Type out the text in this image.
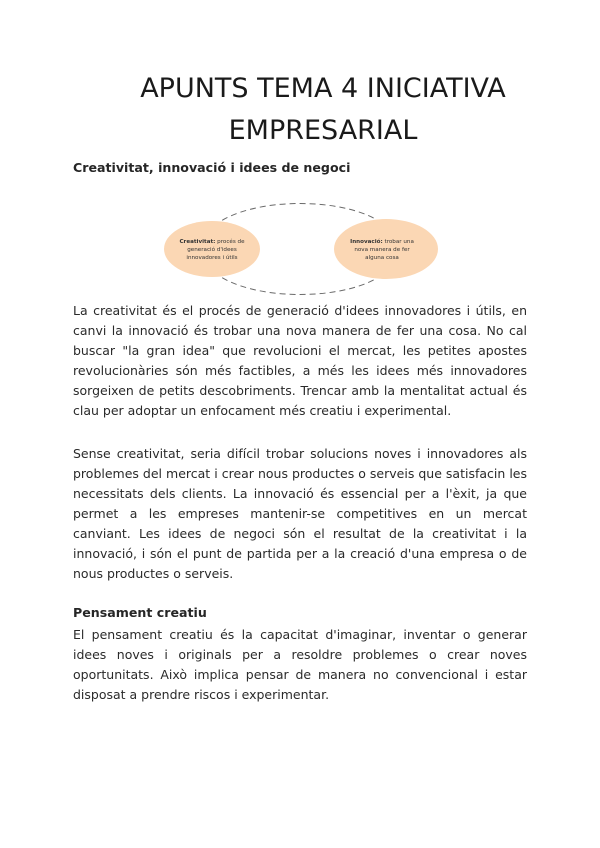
APUNTS TEMA 4 INICIATIVA
EMPRESARIAL
Creativitat, innovació i idees de negoci
Creativitat: procés de
generació d'idees
innovadores i útils
Innovació: trobar una
nova manera de fer
alguna cosa

La creativitat és el procés de generació d'idees innovadores i útils, en canvi la innovació és trobar una nova manera de fer una cosa. No cal buscar "la gran idea" que revolucioni el mercat, les petites apostes revolucionàries són més factibles, a més les idees més innovadores sorgeixen de petits descobriments. Trencar amb la mentalitat actual és clau per adoptar un enfocament més creatiu i experimental.

Sense creativitat, seria difícil trobar solucions noves i innovadores als problemes del mercat i crear nous productes o serveis que satisfacin les necessitats dels clients. La innovació és essencial per a l'èxit, ja que permet a les empreses mantenir-se competitives en un mercat canviant. Les idees de negoci són el resultat de la creativitat i la innovació, i són el punt de partida per a la creació d'una empresa o de nous productes o serveis.

Pensament creatiu

El pensament creatiu és la capacitat d'imaginar, inventar o generar idees noves i originals per a resoldre problemes o crear noves oportunitats. Això implica pensar de manera no convencional i estar disposat a prendre riscos i experimentar.
